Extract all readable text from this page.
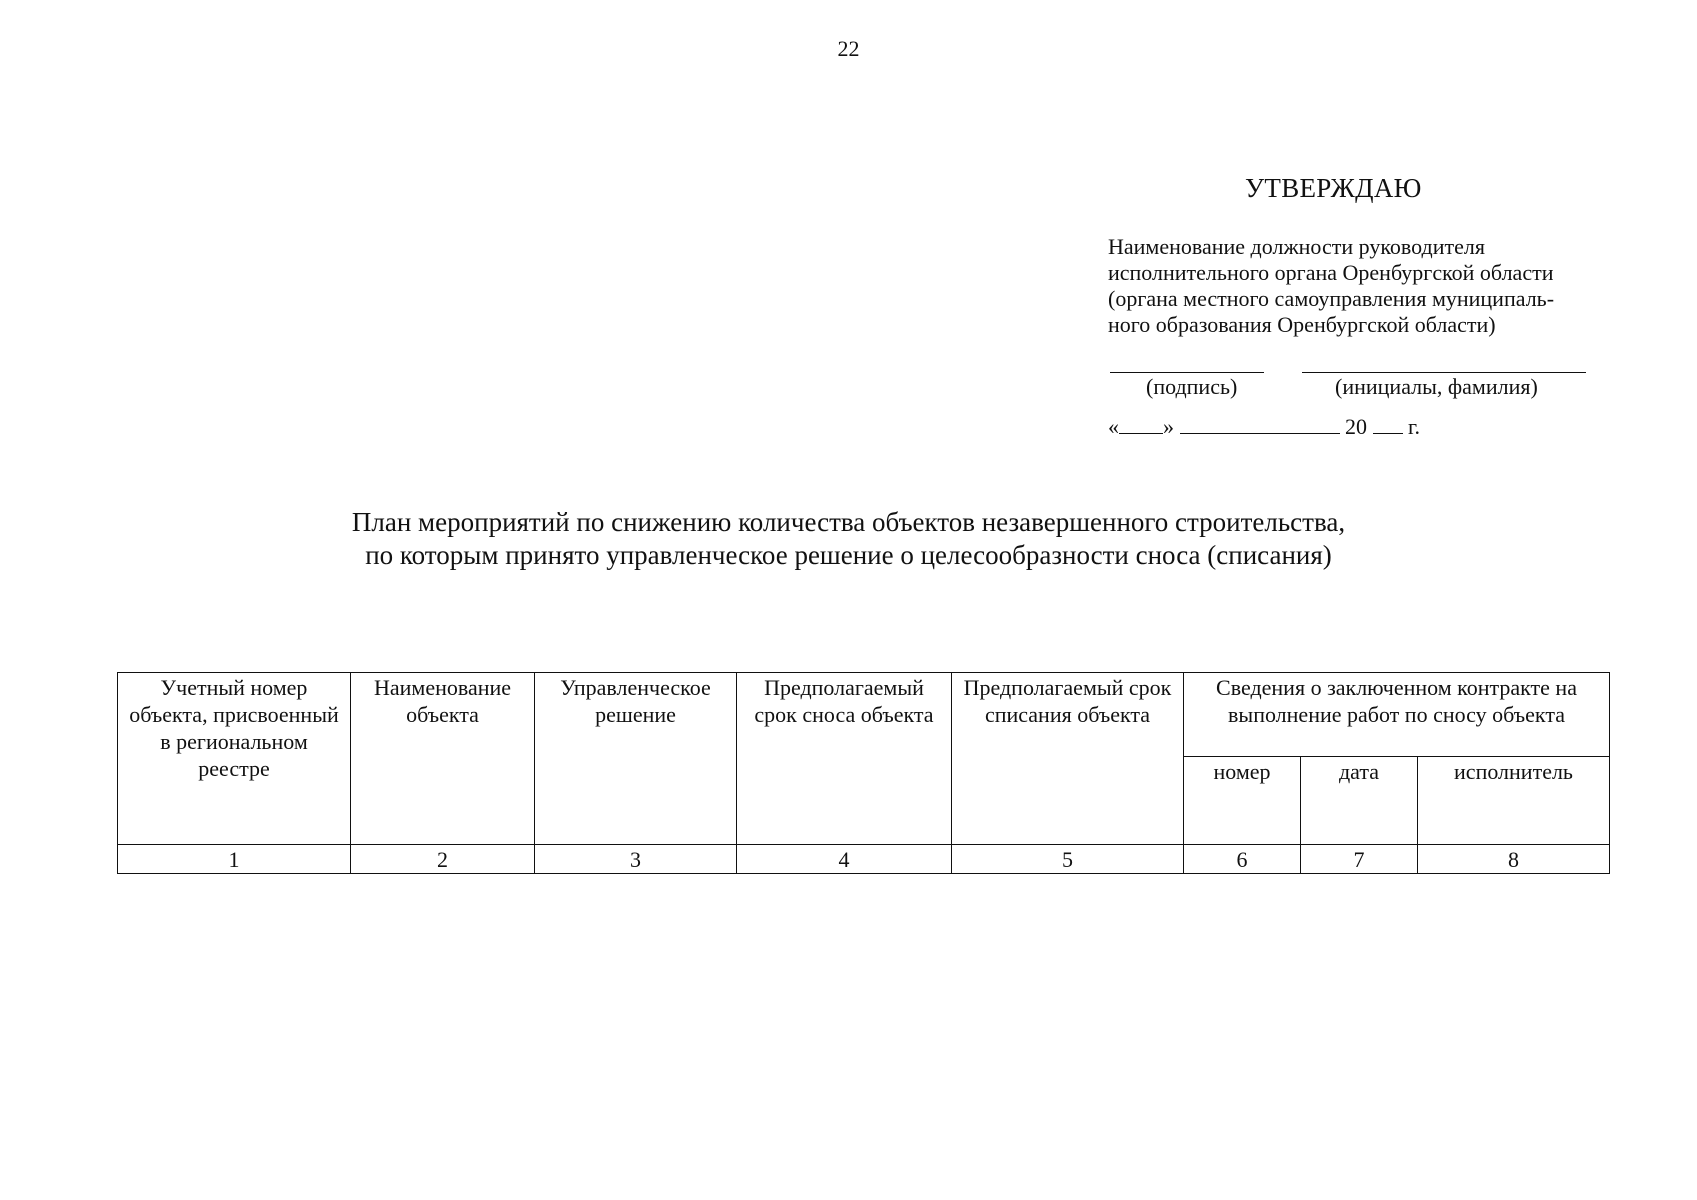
22
УТВЕРЖДАЮ
Наименование должности руководителя
исполнительного органа Оренбургской области
(органа местного самоуправления муниципаль-
ного образования Оренбургской области)
(подпись)	(инициалы, фамилия)
« »	20 г.
План мероприятий по снижению количества объектов незавершенного строительства,
по которым принято управленческое решение о целесообразности сноса (списания)
Учетный номер объекта, присвоенный в региональном реестре	Наименование объекта	Управленческое решение	Предполагаемый срок сноса объекта	Предполагаемый срок списания объекта	Сведения о заключенном контракте на выполнение работ по сносу объекта		
					номер	дата	исполнитель
1	2	3	4	5	6	7	8
